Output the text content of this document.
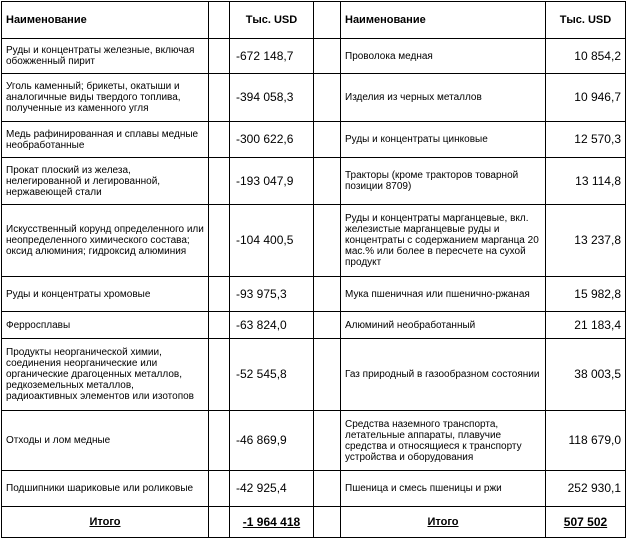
Наименование		Тыс. USD		Наименование	Тыс. USD
Руды и концентраты железные, включая обожженный пирит		-672 148,7		Проволока медная	10 854,2
Уголь каменный; брикеты, окатыши и аналогичные виды твердого топлива, полученные из каменного угля		-394 058,3		Изделия из черных металлов	10 946,7
Медь рафинированная и сплавы медные необработанные		-300 622,6		Руды и концентраты цинковые	12 570,3
Прокат плоский из железа, нелегированной и легированной, нержавеющей стали		-193 047,9		Тракторы (кроме тракторов товарной позиции 8709)	13 114,8
Искусственный корунд определенного или неопределенного химического состава; оксид алюминия; гидроксид алюминия		-104 400,5		Руды и концентраты марганцевые, вкл. железистые марганцевые руды и концентраты с содержанием марганца 20 мас.% или более в пересчете на сухой продукт	13 237,8
Руды и концентраты хромовые		-93 975,3		Мука пшеничная или пшенично-ржаная	15 982,8
Ферросплавы		-63 824,0		Алюминий необработанный	21 183,4
Продукты неорганической химии, соединения неорганические или органические драгоценных металлов, редкоземельных металлов, радиоактивных элементов или изотопов		-52 545,8		Газ природный в газообразном состоянии	38 003,5
Отходы и лом медные		-46 869,9		Средства наземного транспорта, летательные аппараты, плавучие средства и относящиеся к транспорту устройства и оборудования	118 679,0
Подшипники шариковые или роликовые		-42 925,4		Пшеница и смесь пшеницы и ржи	252 930,1
Итого		-1 964 418		Итого	507 502
